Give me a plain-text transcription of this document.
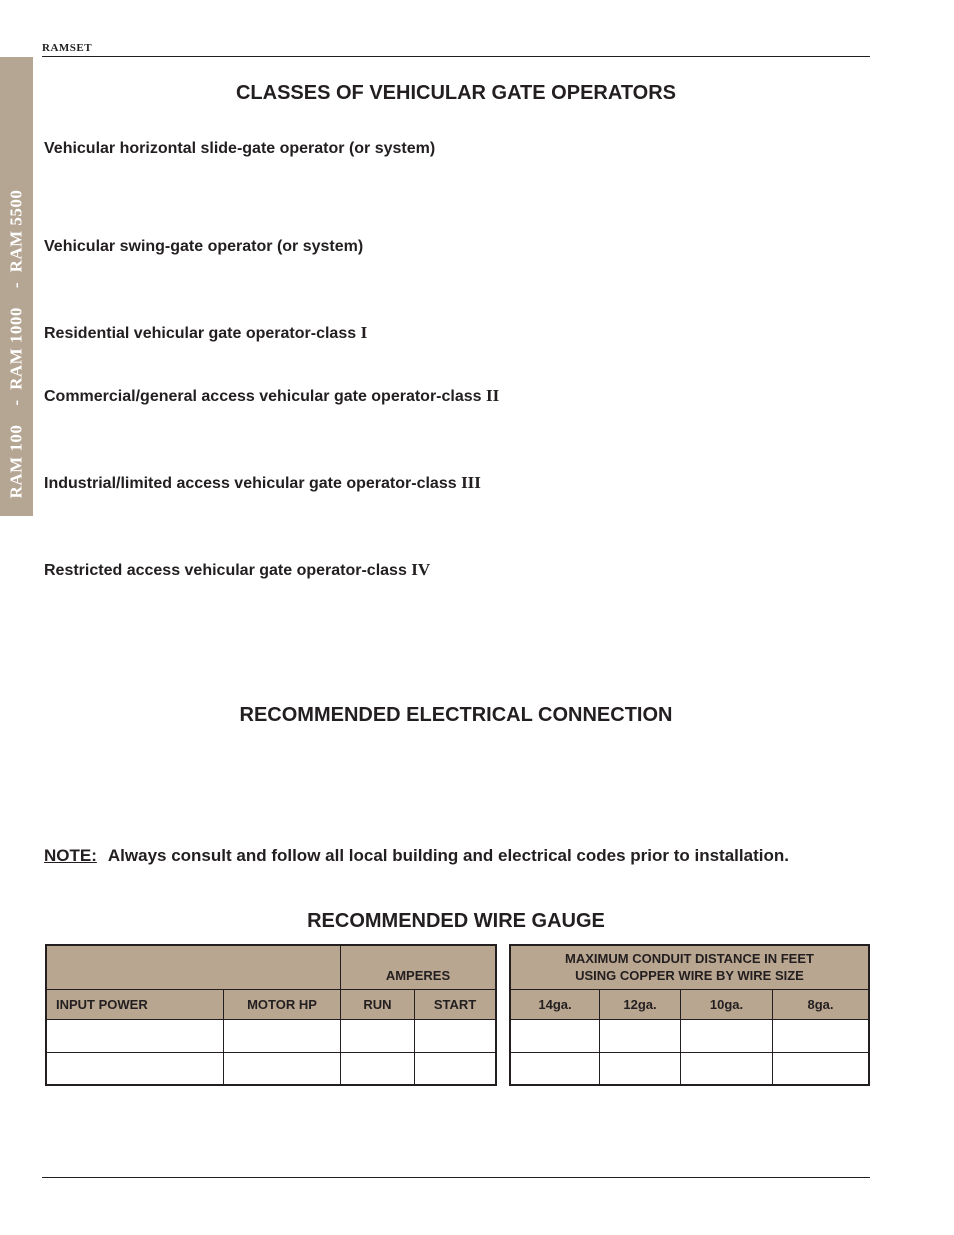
RAM 100    -  RAM 1000    -  RAM 5500
RAMSET
CLASSES OF VEHICULAR GATE OPERATORS
Vehicular horizontal slide-gate operator (or system)
Vehicular swing-gate operator (or system)
Residential vehicular gate operator-class I
Commercial/general access vehicular gate operator-class II
Industrial/limited access vehicular gate operator-class III
Restricted access vehicular gate operator-class IV
RECOMMENDED ELECTRICAL CONNECTION
NOTE: Always consult and follow all local building and electrical codes prior to installation.
RECOMMENDED WIRE GAUGE
		AMPERES	
INPUT POWER	MOTOR HP	RUN	START

MAXIMUM CONDUIT DISTANCE IN FEET
USING COPPER WIRE BY WIRE SIZE			

14ga.	12ga.	10ga.	8ga.
